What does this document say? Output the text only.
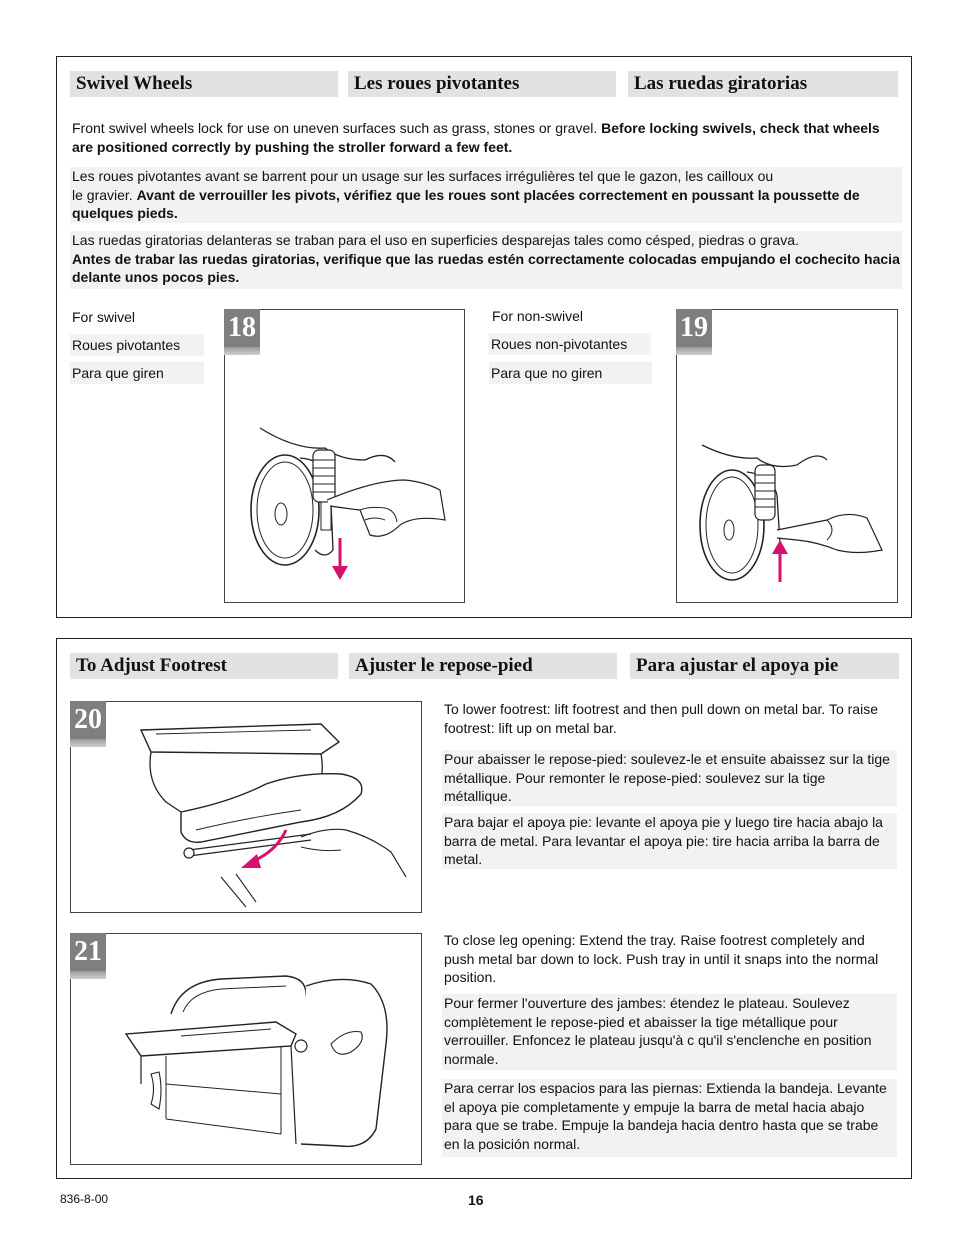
Swivel Wheels	Les roues pivotantes	Las ruedas giratorias
Front swivel wheels lock for use on uneven surfaces such as grass, stones or gravel. Before locking swivels, check that wheels are positioned correctly by pushing the stroller forward a few feet.
Les roues pivotantes avant se barrent pour un usage sur les surfaces irrégulières tel que le gazon, les cailloux ou
le gravier. Avant de verrouiller les pivots, vérifiez que les roues sont placées correctement en poussant la poussette de quelques pieds.
Las ruedas giratorias delanteras se traban para el uso en superficies desparejas tales como césped, piedras o grava.
Antes de trabar las ruedas giratorias, verifique que las ruedas estén correctamente colocadas empujando el cochecito hacia delante unos pocos pies.
For swivel
Roues pivotantes
Para que giren
18	For non-swivel
Roues non-pivotantes
Para que no giren
19
To Adjust Footrest	Ajuster le repose-pied	Para ajustar el apoya pie
20	To lower footrest: lift footrest and then pull down on metal bar. To raise footrest: lift up on metal bar.
Pour abaisser le repose-pied: soulevez-le et ensuite abaissez sur la tige métallique. Pour remonter le repose-pied: soulevez sur la tige métallique.
Para bajar el apoya pie: levante el apoya pie y luego tire hacia abajo la barra de metal. Para levantar el apoya pie: tire hacia arriba la barra de metal.
21	To close leg opening: Extend the tray. Raise footrest completely and push metal bar down to lock. Push tray in until it snaps into the normal position.
Pour fermer l'ouverture des jambes: étendez le plateau. Soulevez complètement le repose-pied et abaisser la tige métallique pour verrouiller. Enfoncez le plateau jusqu'à c qu'il s'enclenche en position normale.
Para cerrar los espacios para las piernas: Extienda la bandeja. Levante el apoya pie completamente y empuje la barra de metal hacia abajo para que se trabe. Empuje la bandeja hacia dentro hasta que se trabe en la posición normal.
836-8-00	16
